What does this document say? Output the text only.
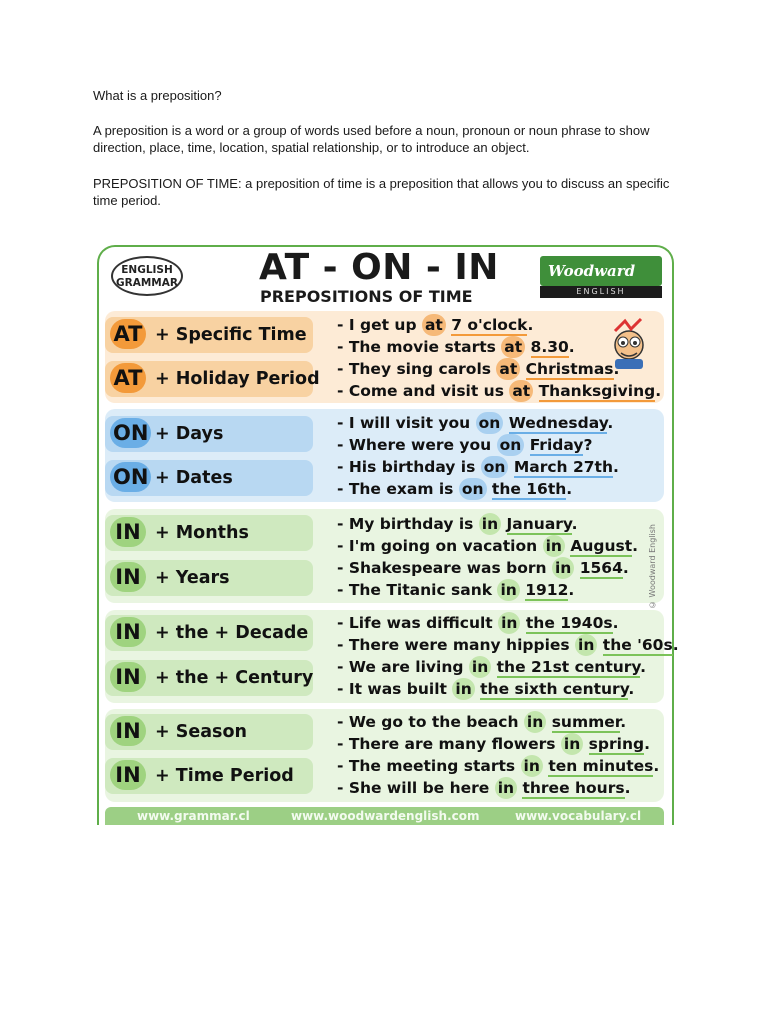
What is a preposition?

A preposition is a word or a group of words used before a noun, pronoun or noun phrase to show direction, place, time, location, spatial relationship, or to introduce an object.

PREPOSITION OF TIME: a preposition of time is a preposition that allows you to discuss an specific time period.

ENGLISH
GRAMMAR AT - ON - IN
PREPOSITIONS OF TIME
Woodward
ENGLISH
AT + Specific Time
AT + Holiday Period
ON + Days
ON + Dates
IN + Months
IN + Years
IN + the + Decade
IN + the + Century
IN + Season
IN + Time Period
- I get up at 7 o'clock.
- The movie starts at 8.30.
- They sing carols at Christmas.
- Come and visit us at Thanksgiving.
- I will visit you on Wednesday.
- Where were you on Friday?
- His birthday is on March 27th.
- The exam is on the 16th.
- My birthday is in January.
- I'm going on vacation in August.
- Shakespeare was born in 1564.
- The Titanic sank in 1912.
- Life was difficult in the 1940s.
- There were many hippies in the '60s.
- We are living in the 21st century.
- It was built in the sixth century.
- We go to the beach in summer.
- There are many flowers in spring.
- The meeting starts in ten minutes.
- She will be here in three hours.
© Woodward English
www.grammar.cl	www.woodwardenglish.com	www.vocabulary.cl
